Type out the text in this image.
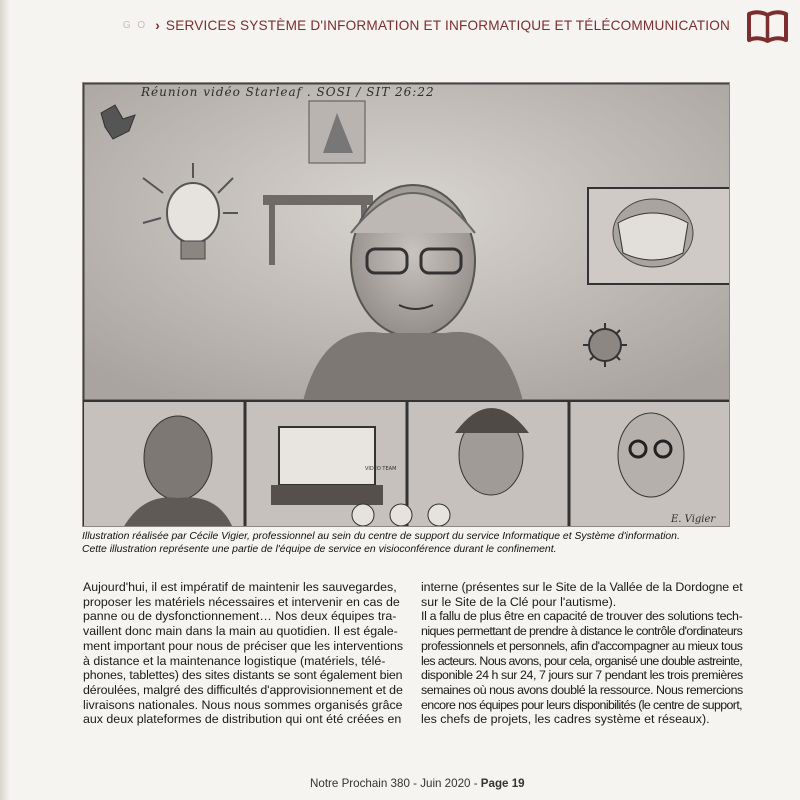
G O › SERVICES SYSTÈME D'INFORMATION ET INFORMATIQUE ET TÉLÉCOMMUNICATION
Réunion vidéo Starleaf . SOSI / SIT 26:22
VIDEO TEAM
E. Vigier
Illustration réalisée par Cécile Vigier, professionnel au sein du centre de support du service Informatique et Système d'information.
Cette illustration représente une partie de l'équipe de service en visioconférence durant le confinement.
Aujourd'hui, il est impératif de maintenir les sauvegardes,
proposer les matériels nécessaires et intervenir en cas de
panne ou de dysfonctionnement… Nos deux équipes tra-
vaillent donc main dans la main au quotidien. Il est égale-
ment important pour nous de préciser que les interventions
à distance et la maintenance logistique (matériels, télé-
phones, tablettes) des sites distants se sont également bien
déroulées, malgré des difficultés d'approvisionnement et de
livraisons nationales. Nous nous sommes organisés grâce
aux deux plateformes de distribution qui ont été créées en
interne (présentes sur le Site de la Vallée de la Dordogne et
sur le Site de la Clé pour l'autisme).
Il a fallu de plus être en capacité de trouver des solutions tech-
niques permettant de prendre à distance le contrôle d'ordinateurs
professionnels et personnels, afin d'accompagner au mieux tous
les acteurs. Nous avons, pour cela, organisé une double astreinte,
disponible 24 h sur 24, 7 jours sur 7 pendant les trois premières
semaines où nous avons doublé la ressource. Nous remercions
encore nos équipes pour leurs disponibilités (le centre de support,
les chefs de projets, les cadres système et réseaux).
Notre Prochain 380 - Juin 2020 - Page 19
